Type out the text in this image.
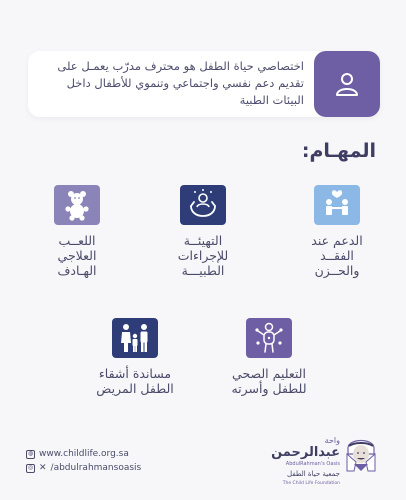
اختصاصي حياة الطفل هو محترف مدرّب يعمـل على تقديم دعم نفسي واجتماعي وتنموي للأطفال داخل البيئات الطبية

المهـام:

الدعم عند
الفقــد
والحــزن

التهيئــة
للإجراءات
الطبيـــة

اللعــب
العلاجي
الهـادف

التعليم الصحي
للطفل وأسرته

مساندة أشقاء
الطفل المريض

◍ www.childlife.org.sa
◎ ✕ /abdulrahmansoasis
واحة
عبدالرحمن
AbdulRahman's Oasis
جمعية حياة الطفل
The Child Life Foundation
